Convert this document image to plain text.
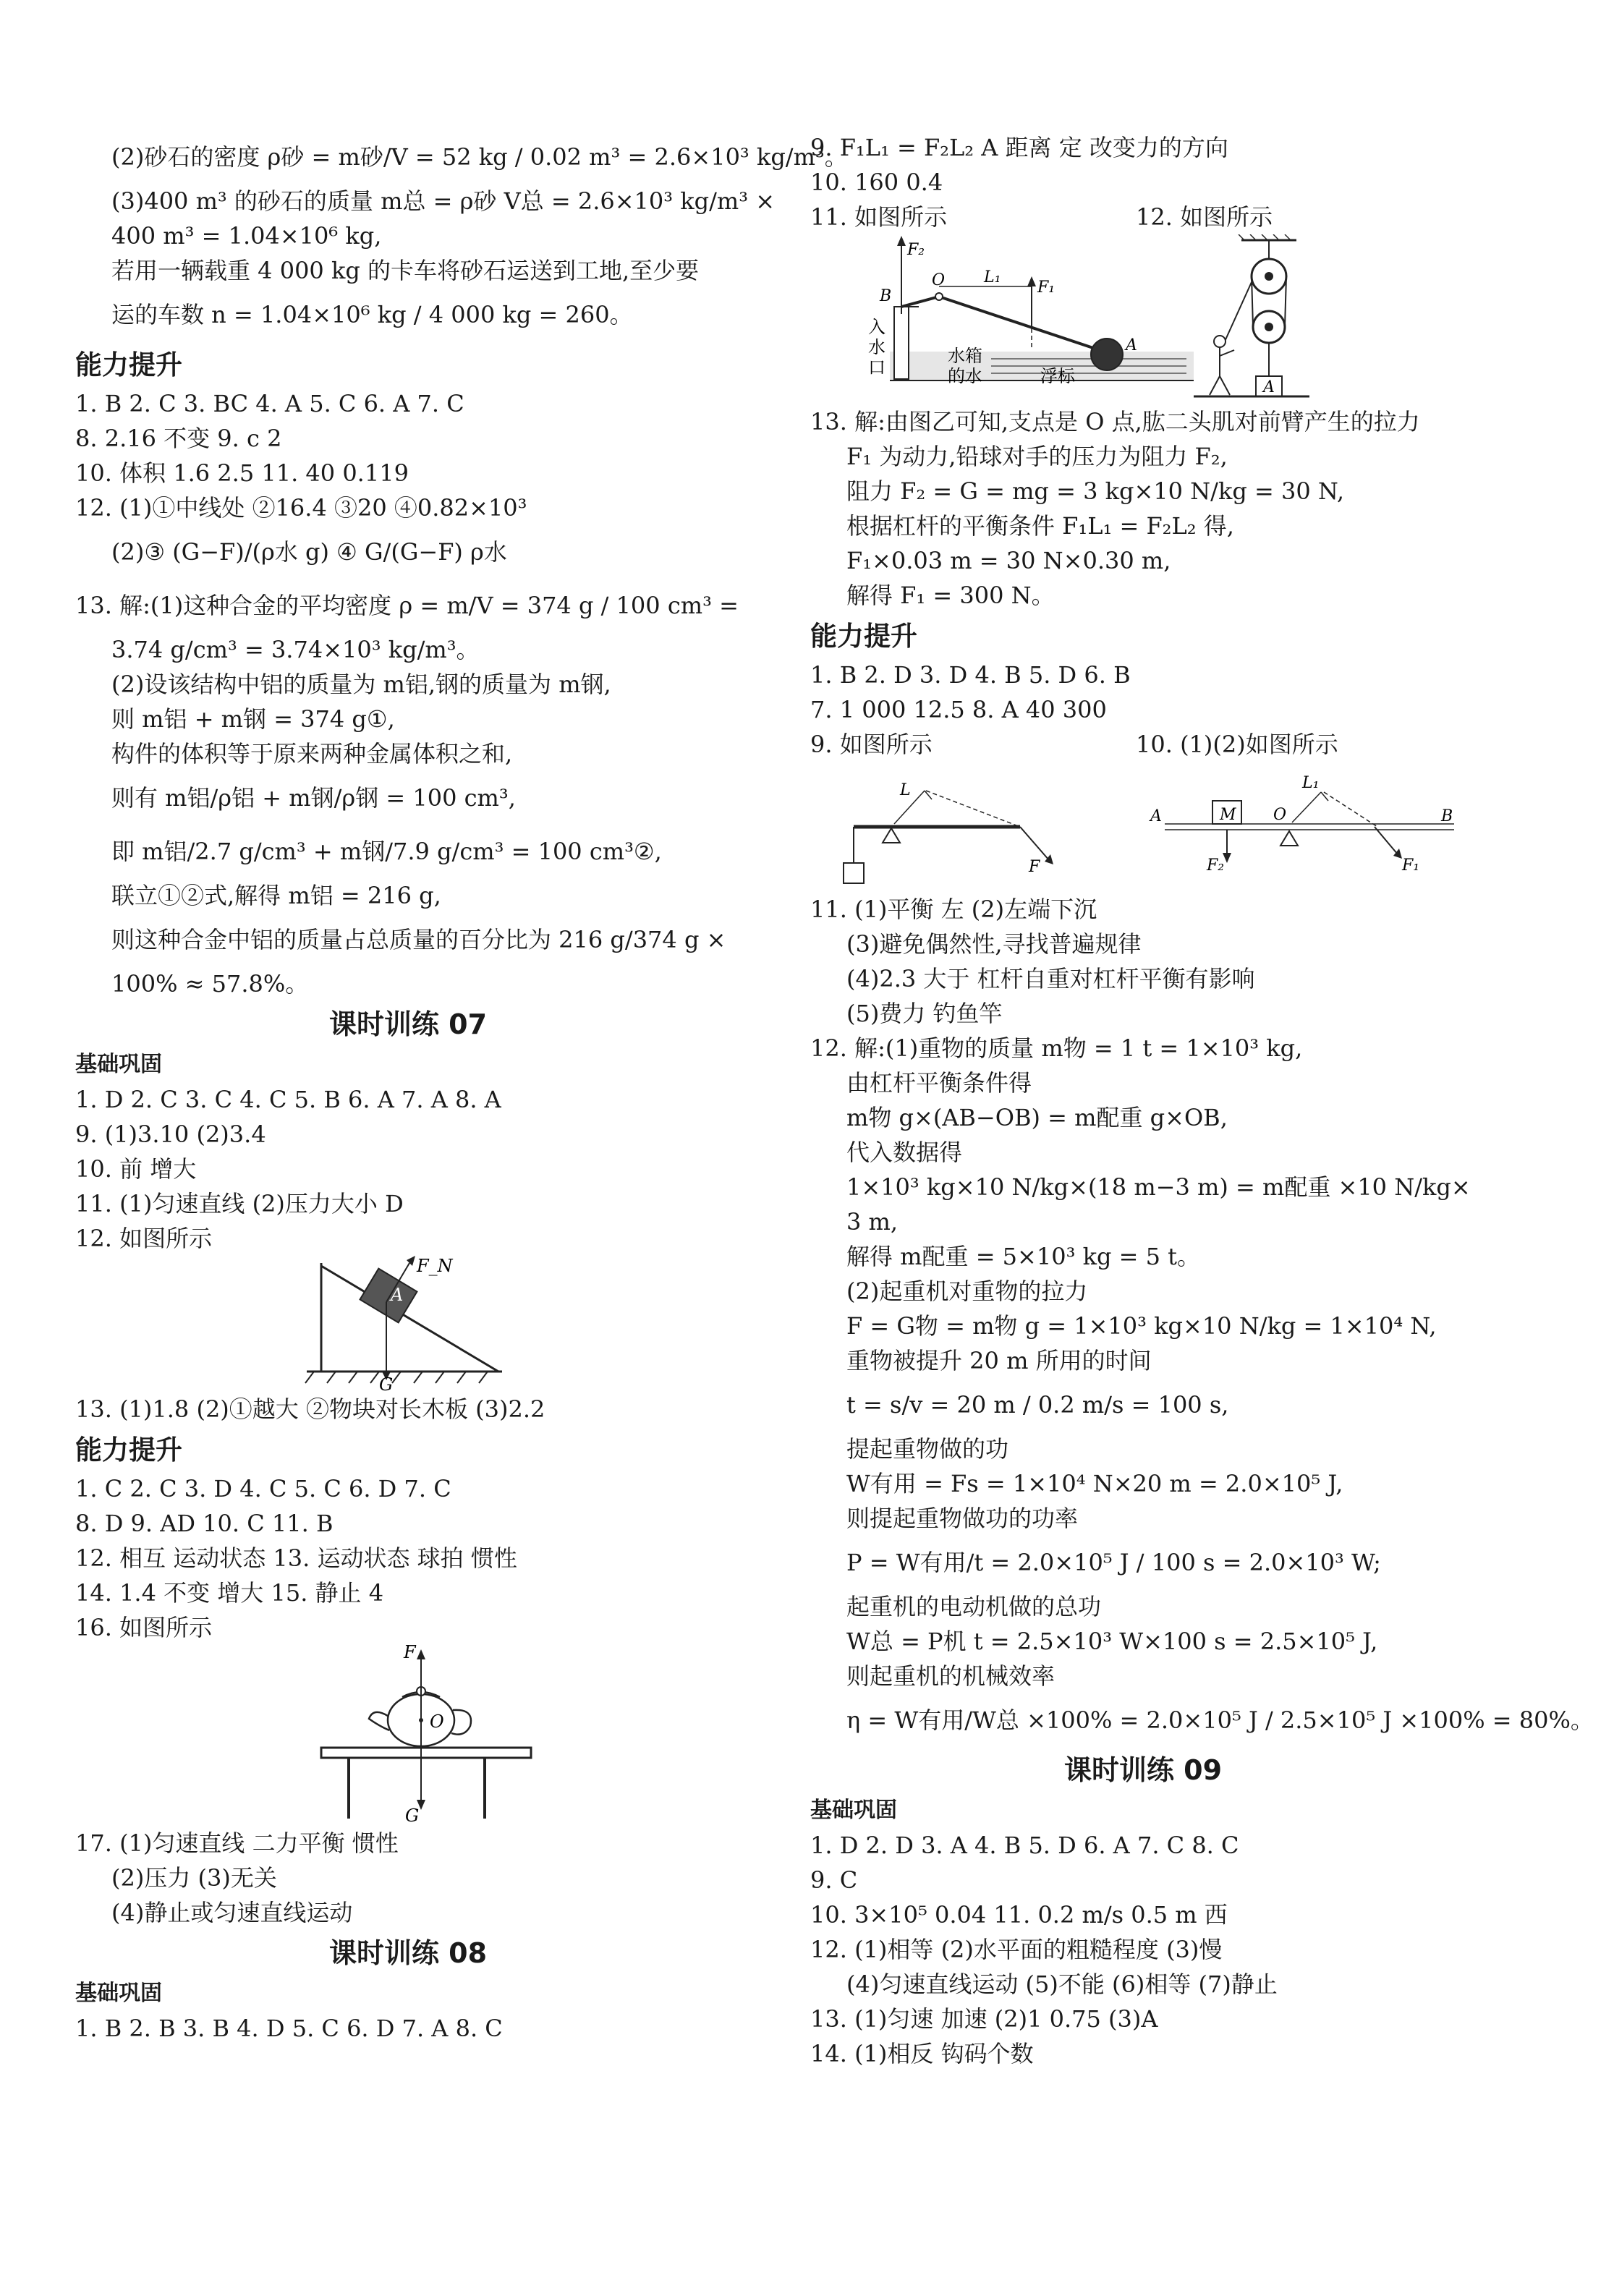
(2)砂石的密度 ρ砂 = m砂/V = 52 kg / 0.02 m³ = 2.6×10³ kg/m³。
(3)400 m³ 的砂石的质量 m总 = ρ砂 V总 = 2.6×10³ kg/m³ ×
400 m³ = 1.04×10⁶ kg,
若用一辆载重 4 000 kg 的卡车将砂石运送到工地,至少要
运的车数 n = 1.04×10⁶ kg / 4 000 kg = 260。
能力提升
1. B 2. C 3. BC 4. A 5. C 6. A 7. C
8. 2.16 不变 9. c 2
10. 体积 1.6 2.5 11. 40 0.119
12. (1)①中线处 ②16.4 ③20 ④0.82×10³
(2)③ (G−F)/(ρ水 g) ④ G/(G−F) ρ水
13. 解:(1)这种合金的平均密度 ρ = m/V = 374 g / 100 cm³ =
3.74 g/cm³ = 3.74×10³ kg/m³。
(2)设该结构中铝的质量为 m铝,钢的质量为 m钢,
则 m铝 + m钢 = 374 g①,
构件的体积等于原来两种金属体积之和,
则有 m铝/ρ铝 + m钢/ρ钢 = 100 cm³,
即 m铝/2.7 g/cm³ + m钢/7.9 g/cm³ = 100 cm³②,
联立①②式,解得 m铝 = 216 g,
则这种合金中铝的质量占总质量的百分比为 216 g/374 g ×
100% ≈ 57.8%。
课时训练 07
基础巩固
1. D 2. C 3. C 4. C 5. B 6. A 7. A 8. A
9. (1)3.10 (2)3.4
10. 前 增大
11. (1)匀速直线 (2)压力大小 D
12. 如图所示
F_N
A
G
13. (1)1.8 (2)①越大 ②物块对长木板 (3)2.2
能力提升
1. C 2. C 3. D 4. C 5. C 6. D 7. C
8. D 9. AD 10. C 11. B
12. 相互 运动状态 13. 运动状态 球拍 惯性
14. 1.4 不变 增大 15. 静止 4
16. 如图所示
F
O
G
17. (1)匀速直线 二力平衡 惯性
(2)压力 (3)无关
(4)静止或匀速直线运动
课时训练 08
基础巩固
1. B 2. B 3. B 4. D 5. C 6. D 7. A 8. C
9. F₁L₁ = F₂L₂ A 距离 定 改变力的方向
10. 160 0.4
11. 如图所示	12. 如图所示
F₂
B
O L₁
F₁
A
入
水
口
水箱
的水	浮标
A
13. 解:由图乙可知,支点是 O 点,肱二头肌对前臂产生的拉力
F₁ 为动力,铅球对手的压力为阻力 F₂,
阻力 F₂ = G = mg = 3 kg×10 N/kg = 30 N,
根据杠杆的平衡条件 F₁L₁ = F₂L₂ 得,
F₁×0.03 m = 30 N×0.30 m,
解得 F₁ = 300 N。
能力提升
1. B 2. D 3. D 4. B 5. D 6. B
7. 1 000 12.5 8. A 40 300
9. 如图所示	10. (1)(2)如图所示
L
F
A	M O
L₁
B
F₂	F₁
11. (1)平衡 左 (2)左端下沉
(3)避免偶然性,寻找普遍规律
(4)2.3 大于 杠杆自重对杠杆平衡有影响
(5)费力 钓鱼竿
12. 解:(1)重物的质量 m物 = 1 t = 1×10³ kg,
由杠杆平衡条件得
m物 g×(AB−OB) = m配重 g×OB,
代入数据得
1×10³ kg×10 N/kg×(18 m−3 m) = m配重 ×10 N/kg×
3 m,
解得 m配重 = 5×10³ kg = 5 t。
(2)起重机对重物的拉力
F = G物 = m物 g = 1×10³ kg×10 N/kg = 1×10⁴ N,
重物被提升 20 m 所用的时间
t = s/v = 20 m / 0.2 m/s = 100 s,
提起重物做的功
W有用 = Fs = 1×10⁴ N×20 m = 2.0×10⁵ J,
则提起重物做功的功率
P = W有用/t = 2.0×10⁵ J / 100 s = 2.0×10³ W;
起重机的电动机做的总功
W总 = P机 t = 2.5×10³ W×100 s = 2.5×10⁵ J,
则起重机的机械效率
η = W有用/W总 ×100% = 2.0×10⁵ J / 2.5×10⁵ J ×100% = 80%。
课时训练 09
基础巩固
1. D 2. D 3. A 4. B 5. D 6. A 7. C 8. C
9. C
10. 3×10⁵ 0.04 11. 0.2 m/s 0.5 m 西
12. (1)相等 (2)水平面的粗糙程度 (3)慢
(4)匀速直线运动 (5)不能 (6)相等 (7)静止
13. (1)匀速 加速 (2)1 0.75 (3)A
14. (1)相反 钩码个数
